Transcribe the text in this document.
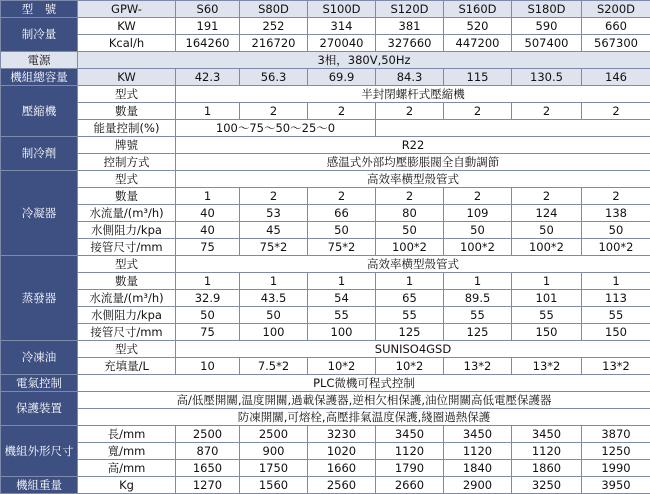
型　號	GPW-	S60	S80D	S100D	S120D	S160D	S180D	S200D
制冷量	KW	191	252	314	381	520	590	660
	Kcal/h	164260	216720	270040	327660	447200	507400	567300
電源	3相，380V,50Hz							
機組總容量	KW	42.3	56.3	69.9	84.3	115	130.5	146
壓縮機	型式	半封閉螺杆式壓縮機						
	數量	1	2	2	2	2	2	2
	能量控制(%)	100～75～50～25～0						
制冷劑	牌號	R22						
	控制方式	感温式外部均壓膨脹閥全自動調節						
冷凝器	型式	高效率横型殼管式						
	數量	1	2	2	2	2	2	2
	水流量/(m³/h)	40	53	66	80	109	124	138
	水側阻力/kpa	40	45	50	50	50	50	50
	接管尺寸/mm	75	75*2	75*2	100*2	100*2	100*2	100*2
蒸發器	型式	高效率横型殼管式						
	數量	1	1	1	1	1	1	1
	水流量/(m³/h)	32.9	43.5	54	65	89.5	101	113
	水側阻力/kpa	50	50	55	55	55	55	55
	接管尺寸/mm	75	100	100	125	125	150	150
冷凍油	型式	SUNISO4GSD						
	充填量/L	10	7.5*2	10*2	10*2	13*2	13*2	13*2
電氣控制	PLC微機可程式控制							
保護裝置	高/低壓開關,温度開關,過載保護器,逆相欠相保護,油位開關高低電壓保護器							
	防凍開關,可熔栓,高壓排氣温度保護,綫圈過熱保護							
機組外形尺寸	長/mm	2500	2500	3230	3450	3450	3450	3870
	寬/mm	870	900	1020	1120	1120	1120	1250
	高/mm	1650	1750	1660	1790	1840	1860	1990
機組重量	Kg	1270	1560	2560	2660	2900	3250	3950
